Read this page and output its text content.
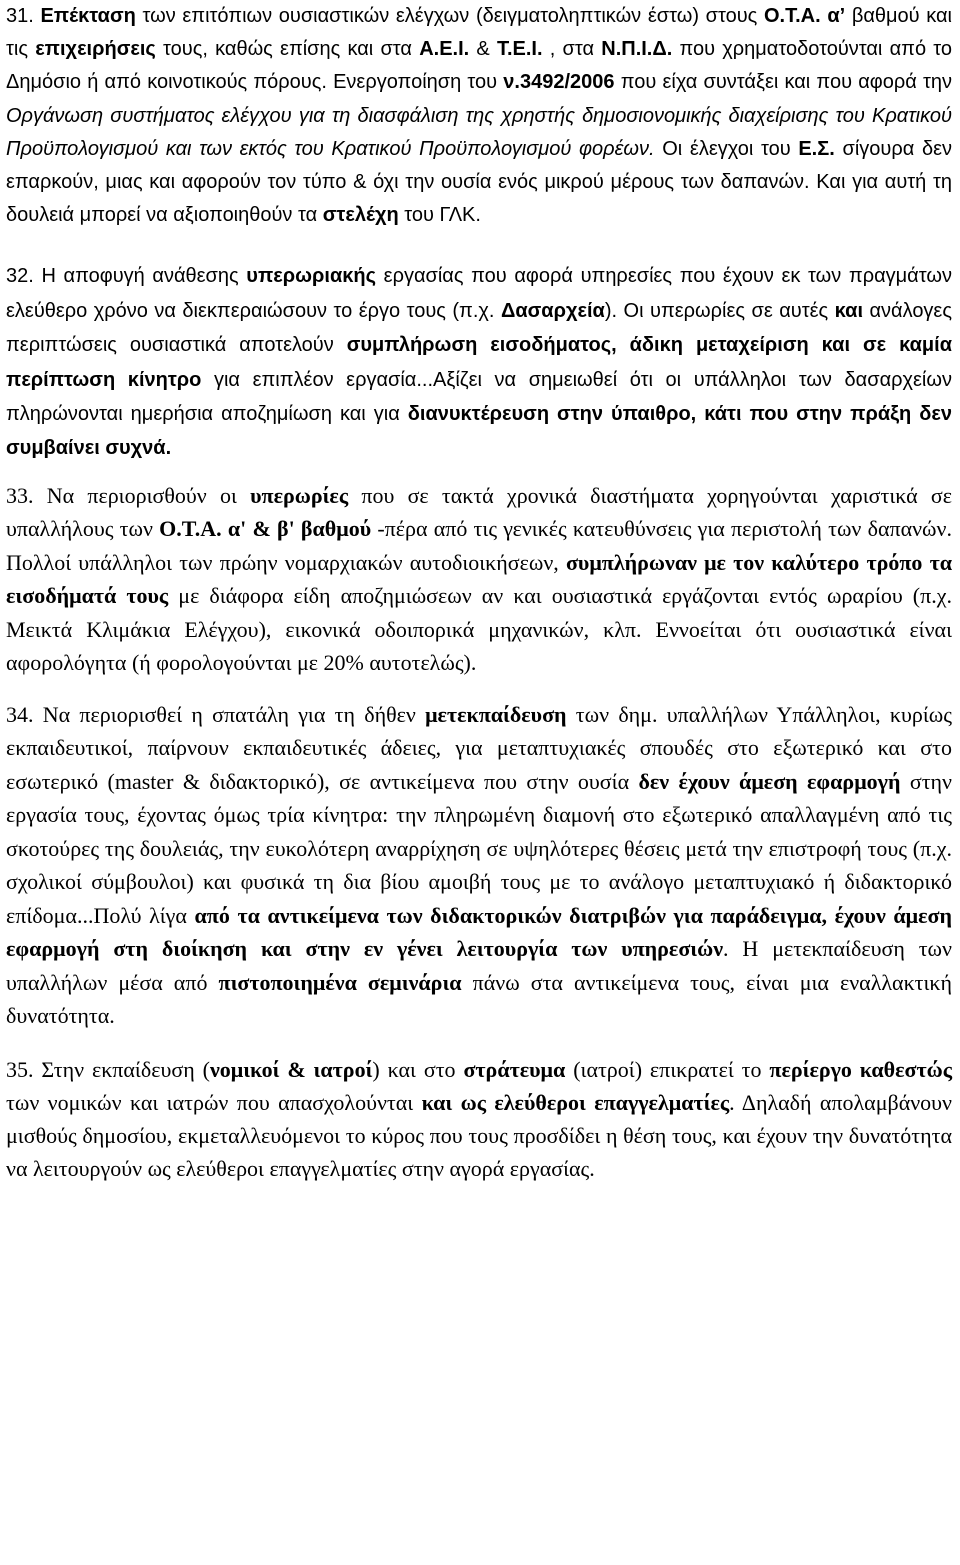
31. Επέκταση των επιτόπιων ουσιαστικών ελέγχων (δειγματοληπτικών έστω) στους Ο.Τ.Α. α’ βαθμού και τις επιχειρήσεις τους, καθώς επίσης και στα Α.Ε.Ι. & Τ.Ε.Ι. , στα Ν.Π.Ι.Δ. που χρηματοδοτούνται από το Δημόσιο ή από κοινοτικούς πόρους. Ενεργοποίηση του ν.3492/2006 που είχα συντάξει και που αφορά την Οργάνωση συστήματος ελέγχου για τη διασφάλιση της χρηστής δημοσιονομικής διαχείρισης του Κρατικού Προϋπολογισμού και των εκτός του Κρατικού Προϋπολογισμού φορέων. Οι έλεγχοι του Ε.Σ. σίγουρα δεν επαρκούν, μιας και αφορούν τον τύπο & όχι την ουσία ενός μικρού μέρους των δαπανών. Και για αυτή τη δουλειά μπορεί να αξιοποιηθούν τα στελέχη του ΓΛΚ.
32. Η αποφυγή ανάθεσης υπερωριακής εργασίας που αφορά υπηρεσίες που έχουν εκ των πραγμάτων ελεύθερο χρόνο να διεκπεραιώσουν το έργο τους (π.χ. Δασαρχεία). Οι υπερωρίες σε αυτές και ανάλογες περιπτώσεις ουσιαστικά αποτελούν συμπλήρωση εισοδήματος, άδικη μεταχείριση και σε καμία περίπτωση κίνητρο για επιπλέον εργασία...Αξίζει να σημειωθεί ότι οι υπάλληλοι των δασαρχείων πληρώνονται ημερήσια αποζημίωση και για διανυκτέρευση στην ύπαιθρο, κάτι που στην πράξη δεν συμβαίνει συχνά.
33. Να περιορισθούν οι υπερωρίες που σε τακτά χρονικά διαστήματα χορηγούνται χαριστικά σε υπαλλήλους των Ο.Τ.Α. α' & β' βαθμού -πέρα από τις γενικές κατευθύνσεις για περιστολή των δαπανών. Πολλοί υπάλληλοι των πρώην νομαρχιακών αυτοδιοικήσεων, συμπλήρωναν με τον καλύτερο τρόπο τα εισοδήματά τους με διάφορα είδη αποζημιώσεων αν και ουσιαστικά εργάζονται εντός ωραρίου (π.χ. Μεικτά Κλιμάκια Ελέγχου), εικονικά οδοιπορικά μηχανικών, κλπ. Εννοείται ότι ουσιαστικά είναι αφορολόγητα (ή φορολογούνται με 20% αυτοτελώς).
34. Να περιορισθεί η σπατάλη για τη δήθεν μετεκπαίδευση των δημ. υπαλλήλων Υπάλληλοι, κυρίως εκπαιδευτικοί, παίρνουν εκπαιδευτικές άδειες, για μεταπτυχιακές σπουδές στο εξωτερικό και στο εσωτερικό (master & διδακτορικό), σε αντικείμενα που στην ουσία δεν έχουν άμεση εφαρμογή στην εργασία τους, έχοντας όμως τρία κίνητρα: την πληρωμένη διαμονή στο εξωτερικό απαλλαγμένη από τις σκοτούρες της δουλειάς, την ευκολότερη αναρρίχηση σε υψηλότερες θέσεις μετά την επιστροφή τους (π.χ. σχολικοί σύμβουλοι) και φυσικά τη δια βίου αμοιβή τους με το ανάλογο μεταπτυχιακό ή διδακτορικό επίδομα...Πολύ λίγα από τα αντικείμενα των διδακτορικών διατριβών για παράδειγμα, έχουν άμεση εφαρμογή στη διοίκηση και στην εν γένει λειτουργία των υπηρεσιών. Η μετεκπαίδευση των υπαλλήλων μέσα από πιστοποιημένα σεμινάρια πάνω στα αντικείμενα τους, είναι μια εναλλακτική δυνατότητα.
35. Στην εκπαίδευση (νομικοί & ιατροί) και στο στράτευμα (ιατροί) επικρατεί το περίεργο καθεστώς των νομικών και ιατρών που απασχολούνται και ως ελεύθεροι επαγγελματίες. Δηλαδή απολαμβάνουν μισθούς δημοσίου, εκμεταλλευόμενοι το κύρος που τους προσδίδει η θέση τους, και έχουν την δυνατότητα να λειτουργούν ως ελεύθεροι επαγγελματίες στην αγορά εργασίας.
